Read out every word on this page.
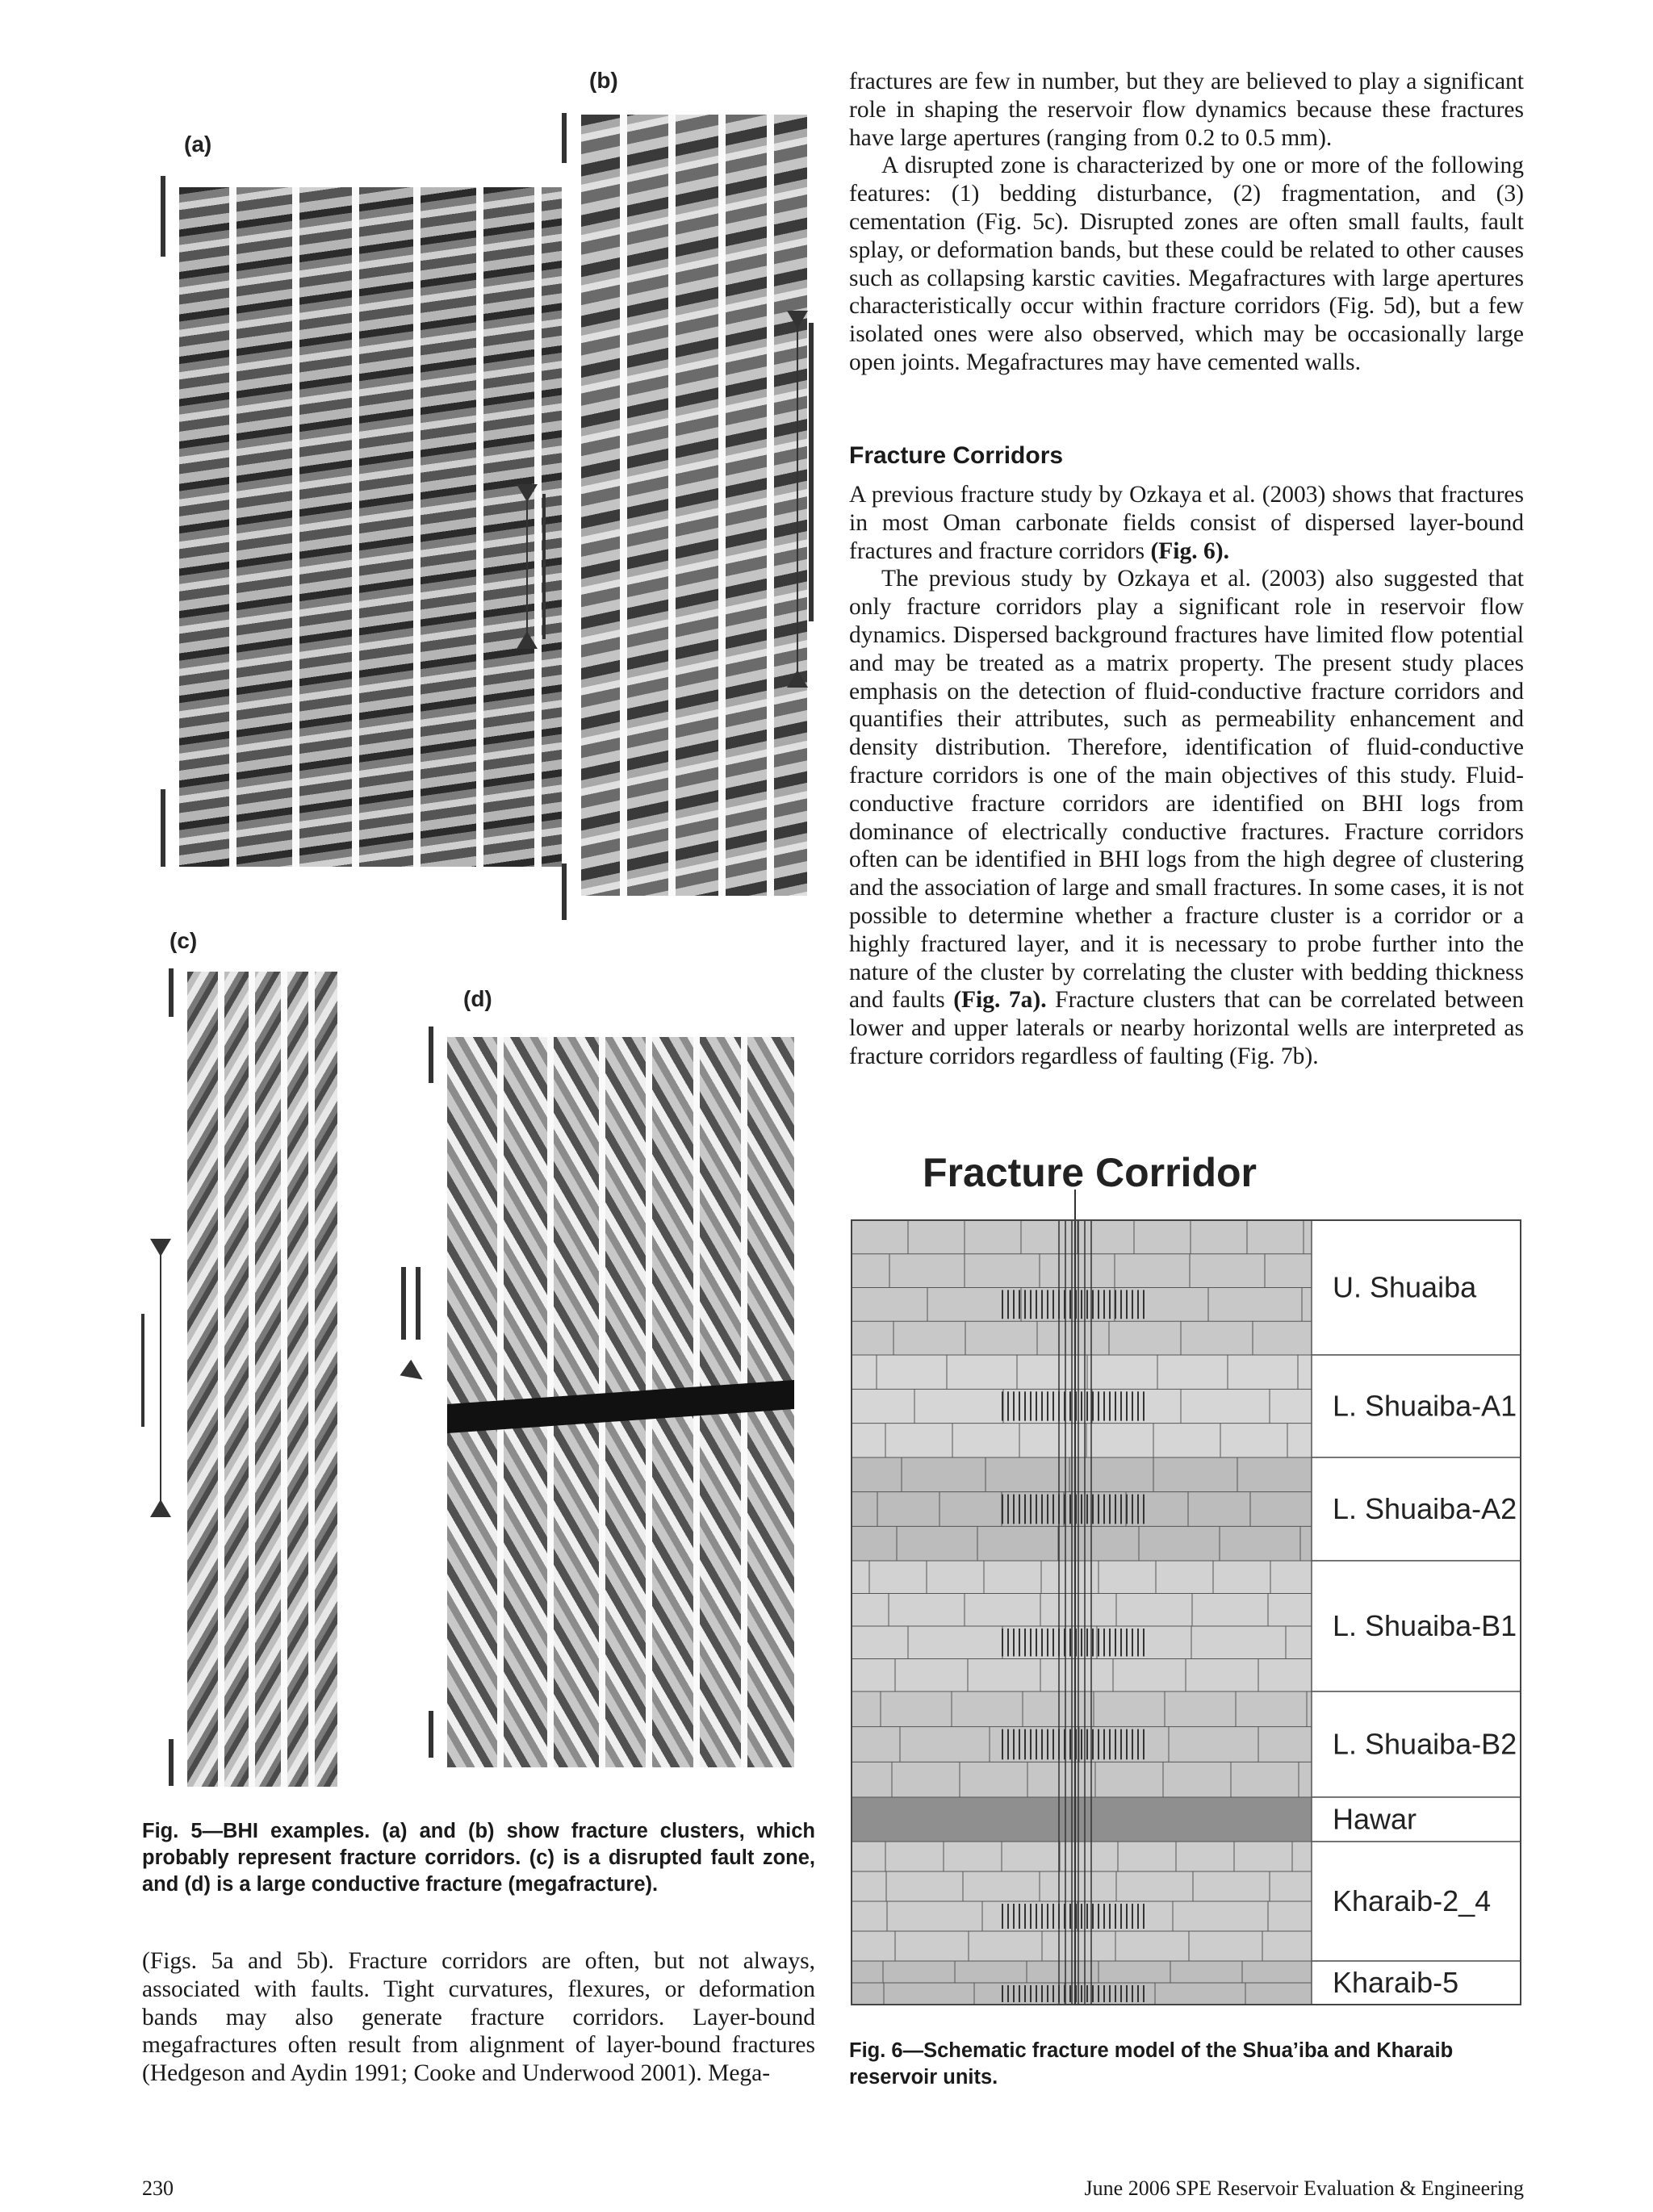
(b)
(a)
(c)
(d)
Fig. 5—BHI examples. (a) and (b) show fracture clusters, which probably represent fracture corridors. (c) is a disrupted fault zone, and (d) is a large conductive fracture (megafracture).

(Figs. 5a and 5b). Fracture corridors are often, but not always, associated with faults. Tight curvatures, flexures, or deformation bands may also generate fracture corridors. Layer-bound megafractures often result from alignment of layer-bound fractures (Hedgeson and Aydin 1991; Cooke and Underwood 2001). Mega-

fractures are few in number, but they are believed to play a significant role in shaping the reservoir flow dynamics because these fractures have large apertures (ranging from 0.2 to 0.5 mm).

A disrupted zone is characterized by one or more of the following features: (1) bedding disturbance, (2) fragmentation, and (3) cementation (Fig. 5c). Disrupted zones are often small faults, fault splay, or deformation bands, but these could be related to other causes such as collapsing karstic cavities. Megafractures with large apertures characteristically occur within fracture corridors (Fig. 5d), but a few isolated ones were also observed, which may be occasionally large open joints. Megafractures may have cemented walls.

Fracture Corridors

A previous fracture study by Ozkaya et al. (2003) shows that fractures in most Oman carbonate fields consist of dispersed layer-bound fractures and fracture corridors (Fig. 6).

The previous study by Ozkaya et al. (2003) also suggested that only fracture corridors play a significant role in reservoir flow dynamics. Dispersed background fractures have limited flow potential and may be treated as a matrix property. The present study places emphasis on the detection of fluid-conductive fracture corridors and quantifies their attributes, such as permeability enhancement and density distribution. Therefore, identification of fluid-conductive fracture corridors is one of the main objectives of this study. Fluid-conductive fracture corridors are identified on BHI logs from dominance of electrically conductive fractures. Fracture corridors often can be identified in BHI logs from the high degree of clustering and the association of large and small fractures. In some cases, it is not possible to determine whether a fracture cluster is a corridor or a highly fractured layer, and it is necessary to probe further into the nature of the cluster by correlating the cluster with bedding thickness and faults (Fig. 7a). Fracture clusters that can be correlated between lower and upper laterals or nearby horizontal wells are interpreted as fracture corridors regardless of faulting (Fig. 7b).

Fracture Corridor
U. Shuaiba
L. Shuaiba-A1
L. Shuaiba-A2
L. Shuaiba-B1
L. Shuaiba-B2
Hawar
Kharaib-2_4
Kharaib-5
Fig. 6—Schematic fracture model of the Shua’iba and Kharaib reservoir units.
230	June 2006 SPE Reservoir Evaluation & Engineering
